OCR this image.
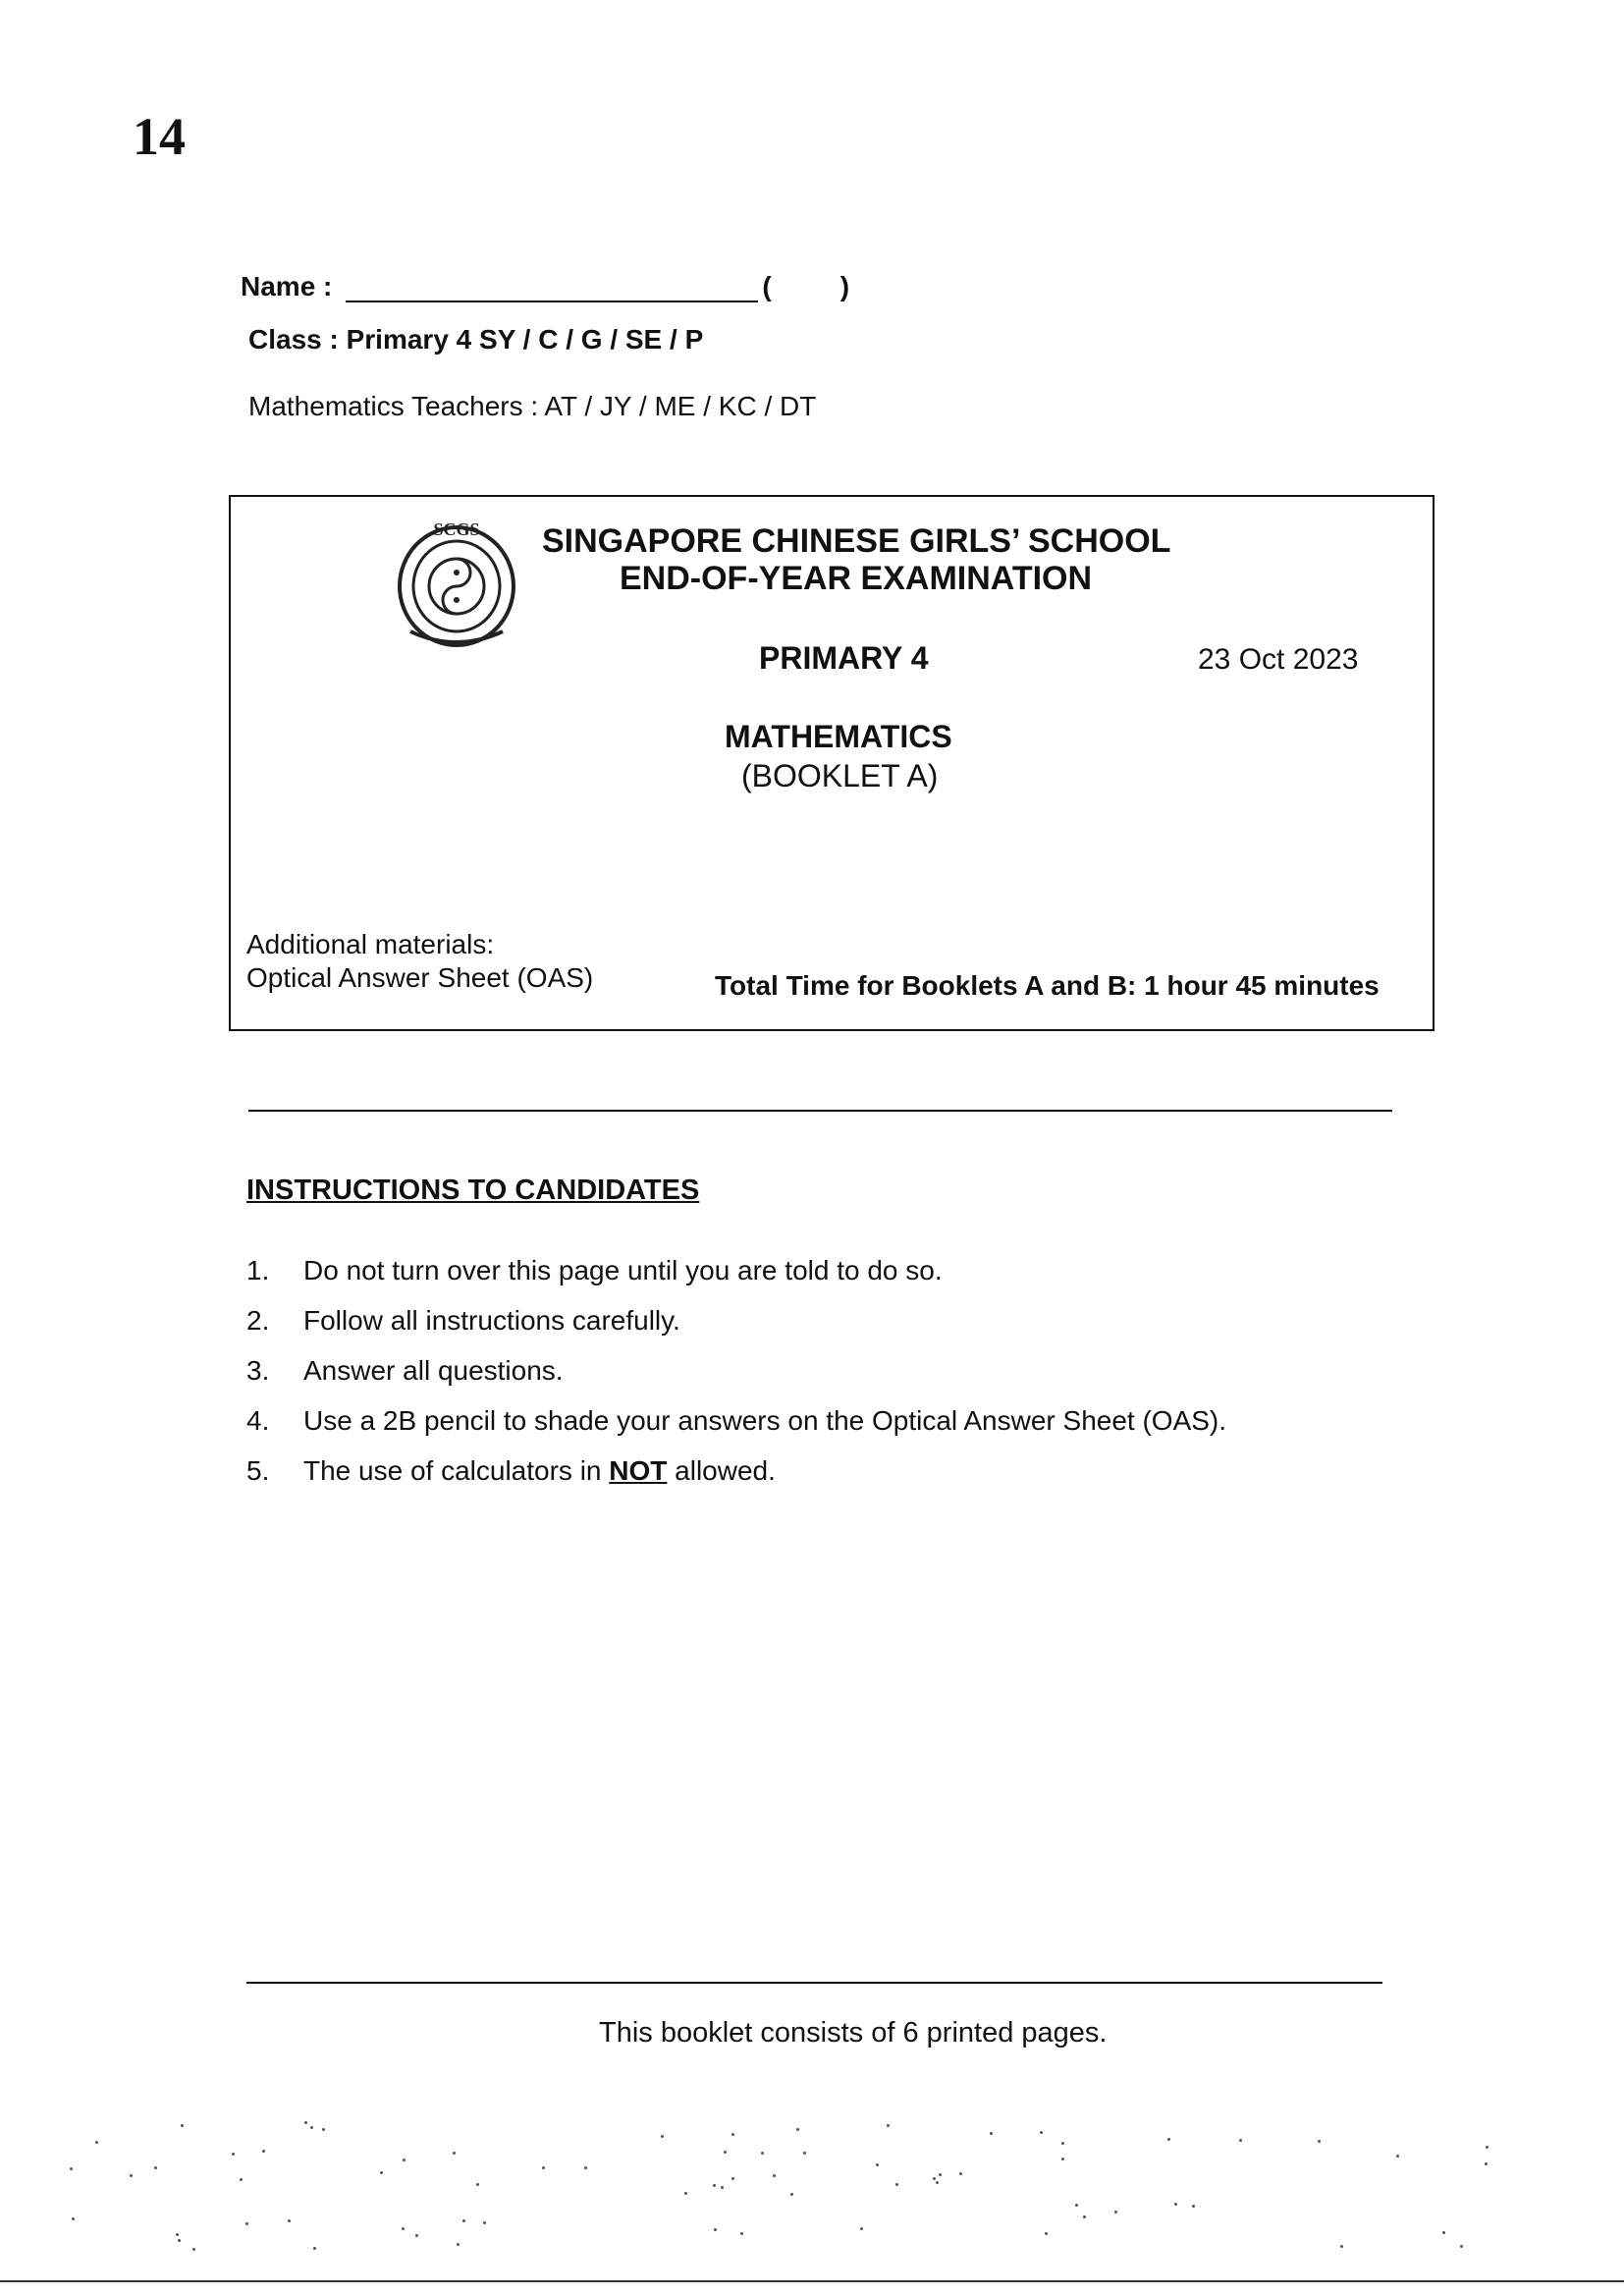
14
Name :	(	)
Class : Primary 4 SY / C / G / SE / P
Mathematics Teachers : AT / JY / ME / KC / DT
SCGS SINGAPORE CHINESE GIRLS’ SCHOOL
END-OF-YEAR EXAMINATION
PRIMARY 4	23 Oct 2023
MATHEMATICS
(BOOKLET A)
Additional materials:
Optical Answer Sheet (OAS)	Total Time for Booklets A and B: 1 hour 45 minutes
INSTRUCTIONS TO CANDIDATES
1.	Do not turn over this page until you are told to do so.
2.	Follow all instructions carefully.
3.	Answer all questions.
4.	Use a 2B pencil to shade your answers on the Optical Answer Sheet (OAS).
5.	The use of calculators in NOT allowed.
This booklet consists of 6 printed pages.
